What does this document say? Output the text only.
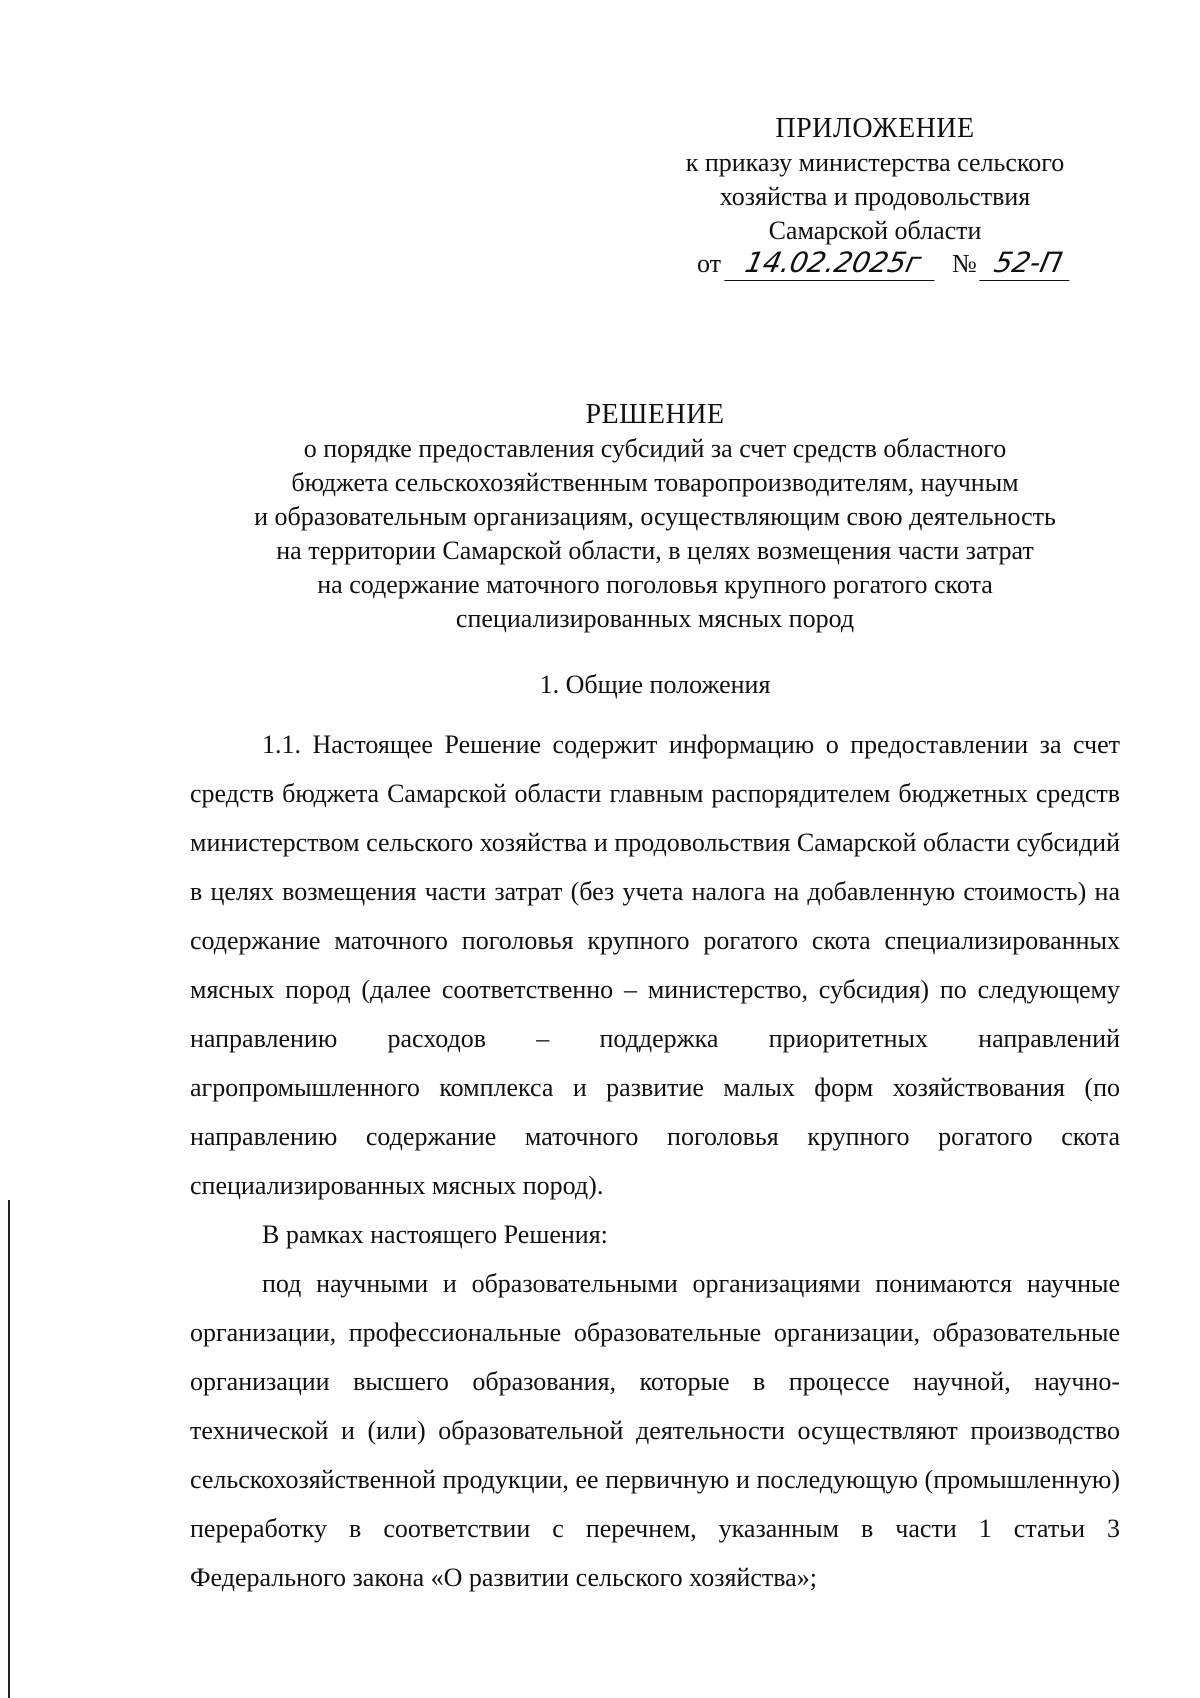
ПРИЛОЖЕНИЕ
к приказу министерства сельского
хозяйства и продовольствия
Самарской области
от 14.02.2025г № 52-П
РЕШЕНИЕ
о порядке предоставления субсидий за счет средств областного
бюджета сельскохозяйственным товаропроизводителям, научным
и образовательным организациям, осуществляющим свою деятельность
на территории Самарской области, в целях возмещения части затрат
на содержание маточного поголовья крупного рогатого скота
специализированных мясных пород
1. Общие положения

1.1. Настоящее Решение содержит информацию о предоставлении за счет средств бюджета Самарской области главным распорядителем бюджетных средств министерством сельского хозяйства и продовольствия Самарской области субсидий в целях возмещения части затрат (без учета налога на добавленную стоимость) на содержание маточного поголовья крупного рогатого скота специализированных мясных пород (далее соответственно – министерство, субсидия) по следующему направлению расходов – поддержка приоритетных направлений агропромышленного комплекса и развитие малых форм хозяйствования (по направлению содержание маточного поголовья крупного рогатого скота специализированных мясных пород).

В рамках настоящего Решения:

под научными и образовательными организациями понимаются научные организации, профессиональные образовательные организации, образовательные организации высшего образования, которые в процессе научной, научно-технической и (или) образовательной деятельности осуществляют производство сельскохозяйственной продукции, ее первичную и последующую (промышленную) переработку в соответствии с перечнем, указанным в части 1 статьи 3 Федерального закона «О развитии сельского хозяйства»;
